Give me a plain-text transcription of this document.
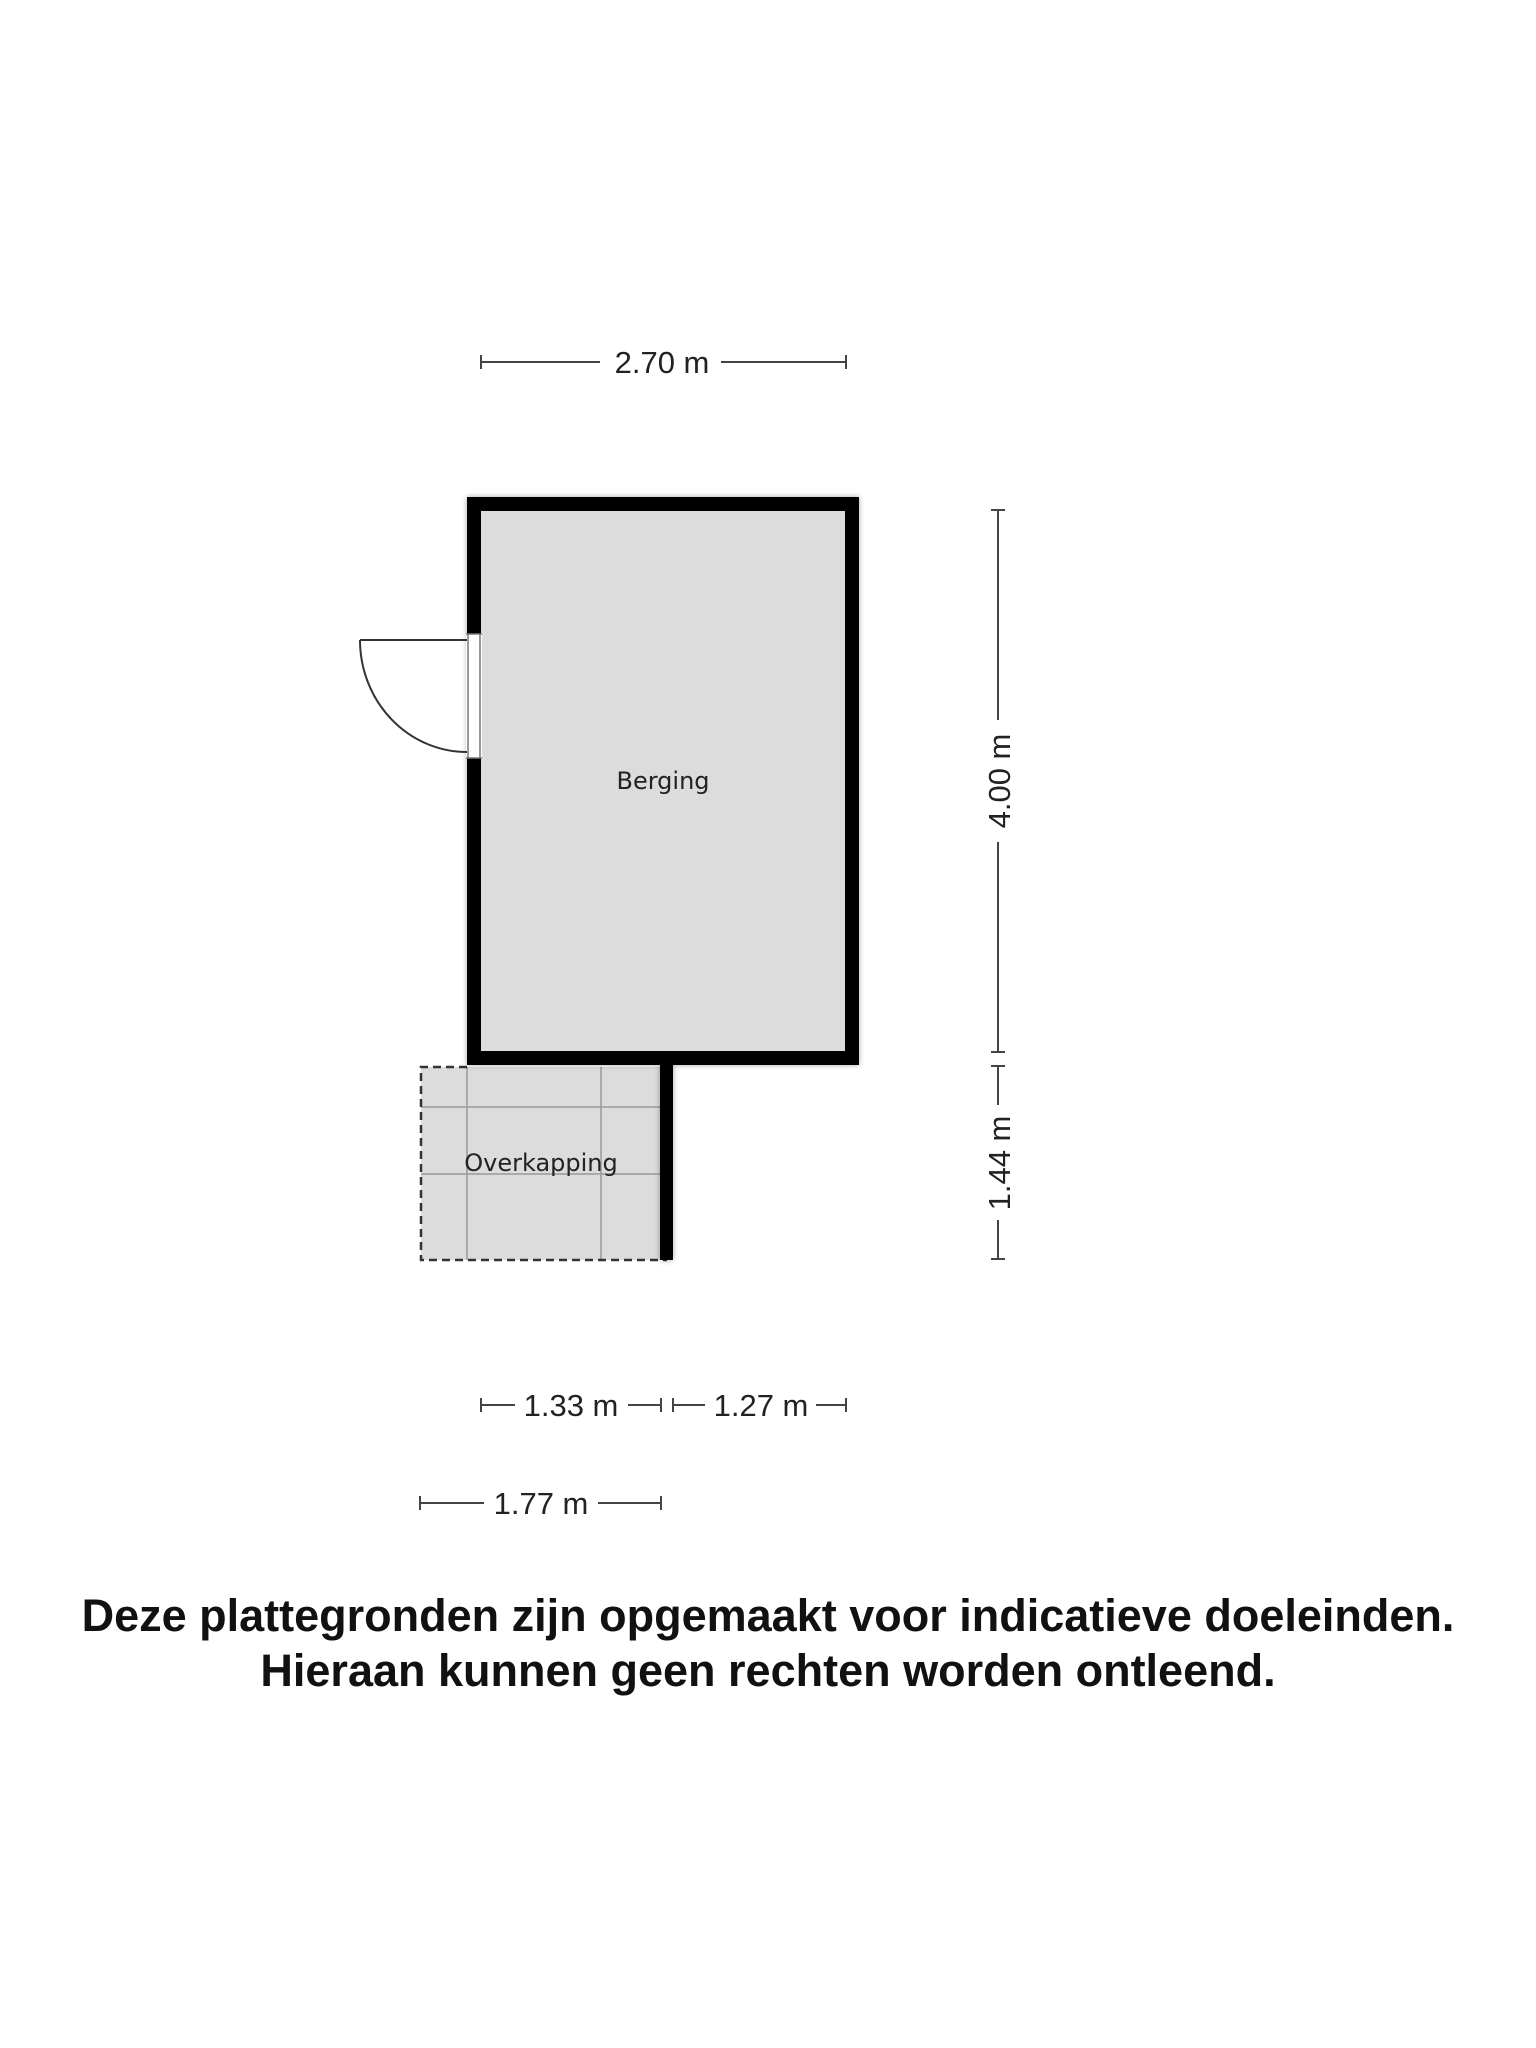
Berging
Overkapping
2.70 m
4.00 m
1.44 m
1.33 m	1.27 m
1.77 m
Deze plattegronden zijn opgemaakt voor indicatieve doeleinden.
Hieraan kunnen geen rechten worden ontleend.
